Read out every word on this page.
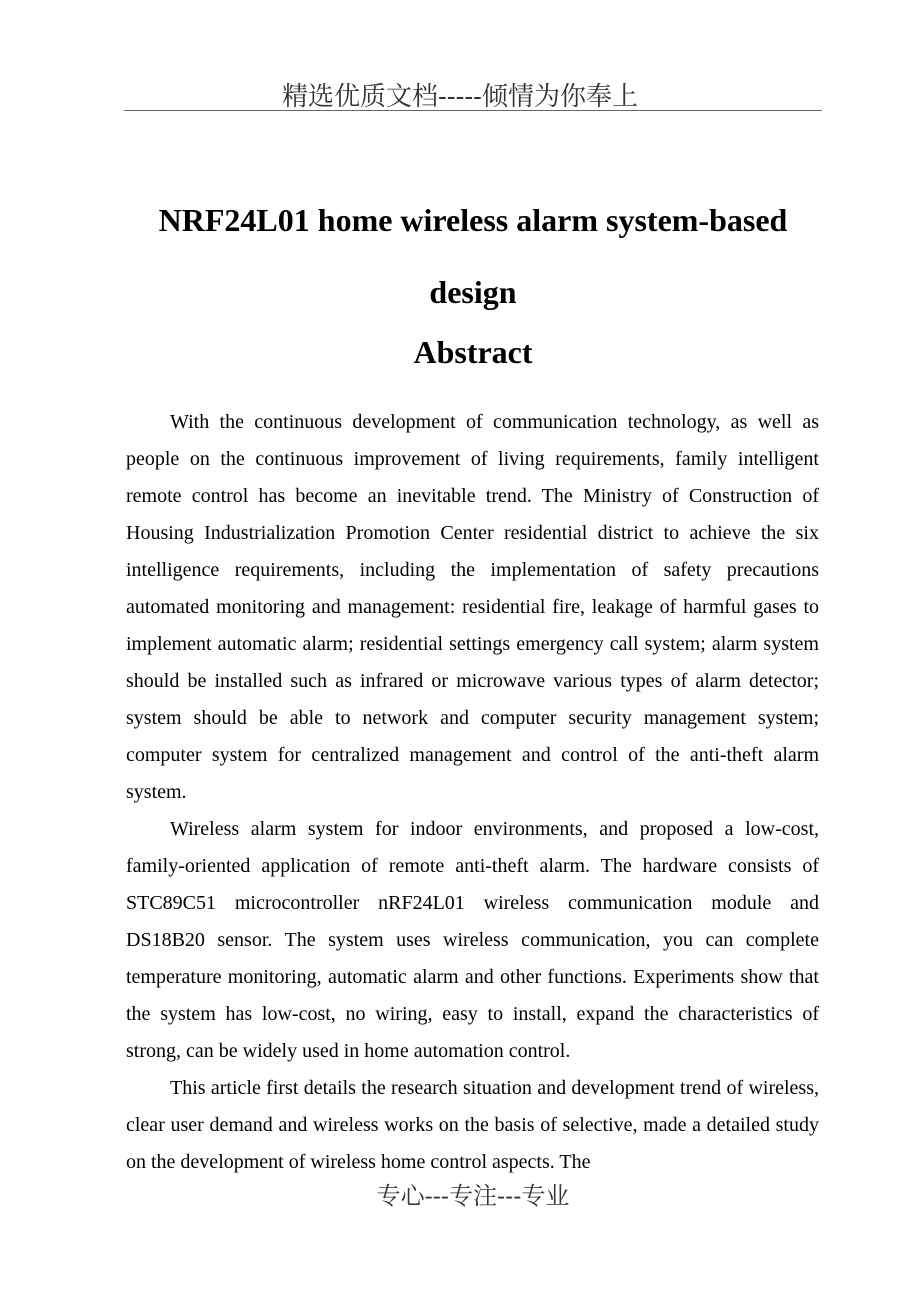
精选优质文档-----倾情为你奉上
NRF24L01 home wireless alarm system-based
design
Abstract

With the continuous development of communication technology, as well as people on the continuous improvement of living requirements, family intelligent remote control has become an inevitable trend. The Ministry of Construction of Housing Industrialization Promotion Center residential district to achieve the six intelligence requirements, including the implementation of safety precautions automated monitoring and management: residential fire, leakage of harmful gases to implement automatic alarm; residential settings emergency call system; alarm system should be installed such as infrared or microwave various types of alarm detector; system should be able to network and computer security management system; computer system for centralized management and control of the anti-theft alarm system.

Wireless alarm system for indoor environments, and proposed a low-cost, family-oriented application of remote anti-theft alarm. The hardware consists of STC89C51 microcontroller nRF24L01 wireless communication module and DS18B20 sensor. The system uses wireless communication, you can complete temperature monitoring, automatic alarm and other functions. Experiments show that the system has low-cost, no wiring, easy to install, expand the characteristics of strong, can be widely used in home automation control.

This article first details the research situation and development trend of wireless, clear user demand and wireless works on the basis of selective, made a detailed study on the development of wireless home control aspects. The

专心---专注---专业
